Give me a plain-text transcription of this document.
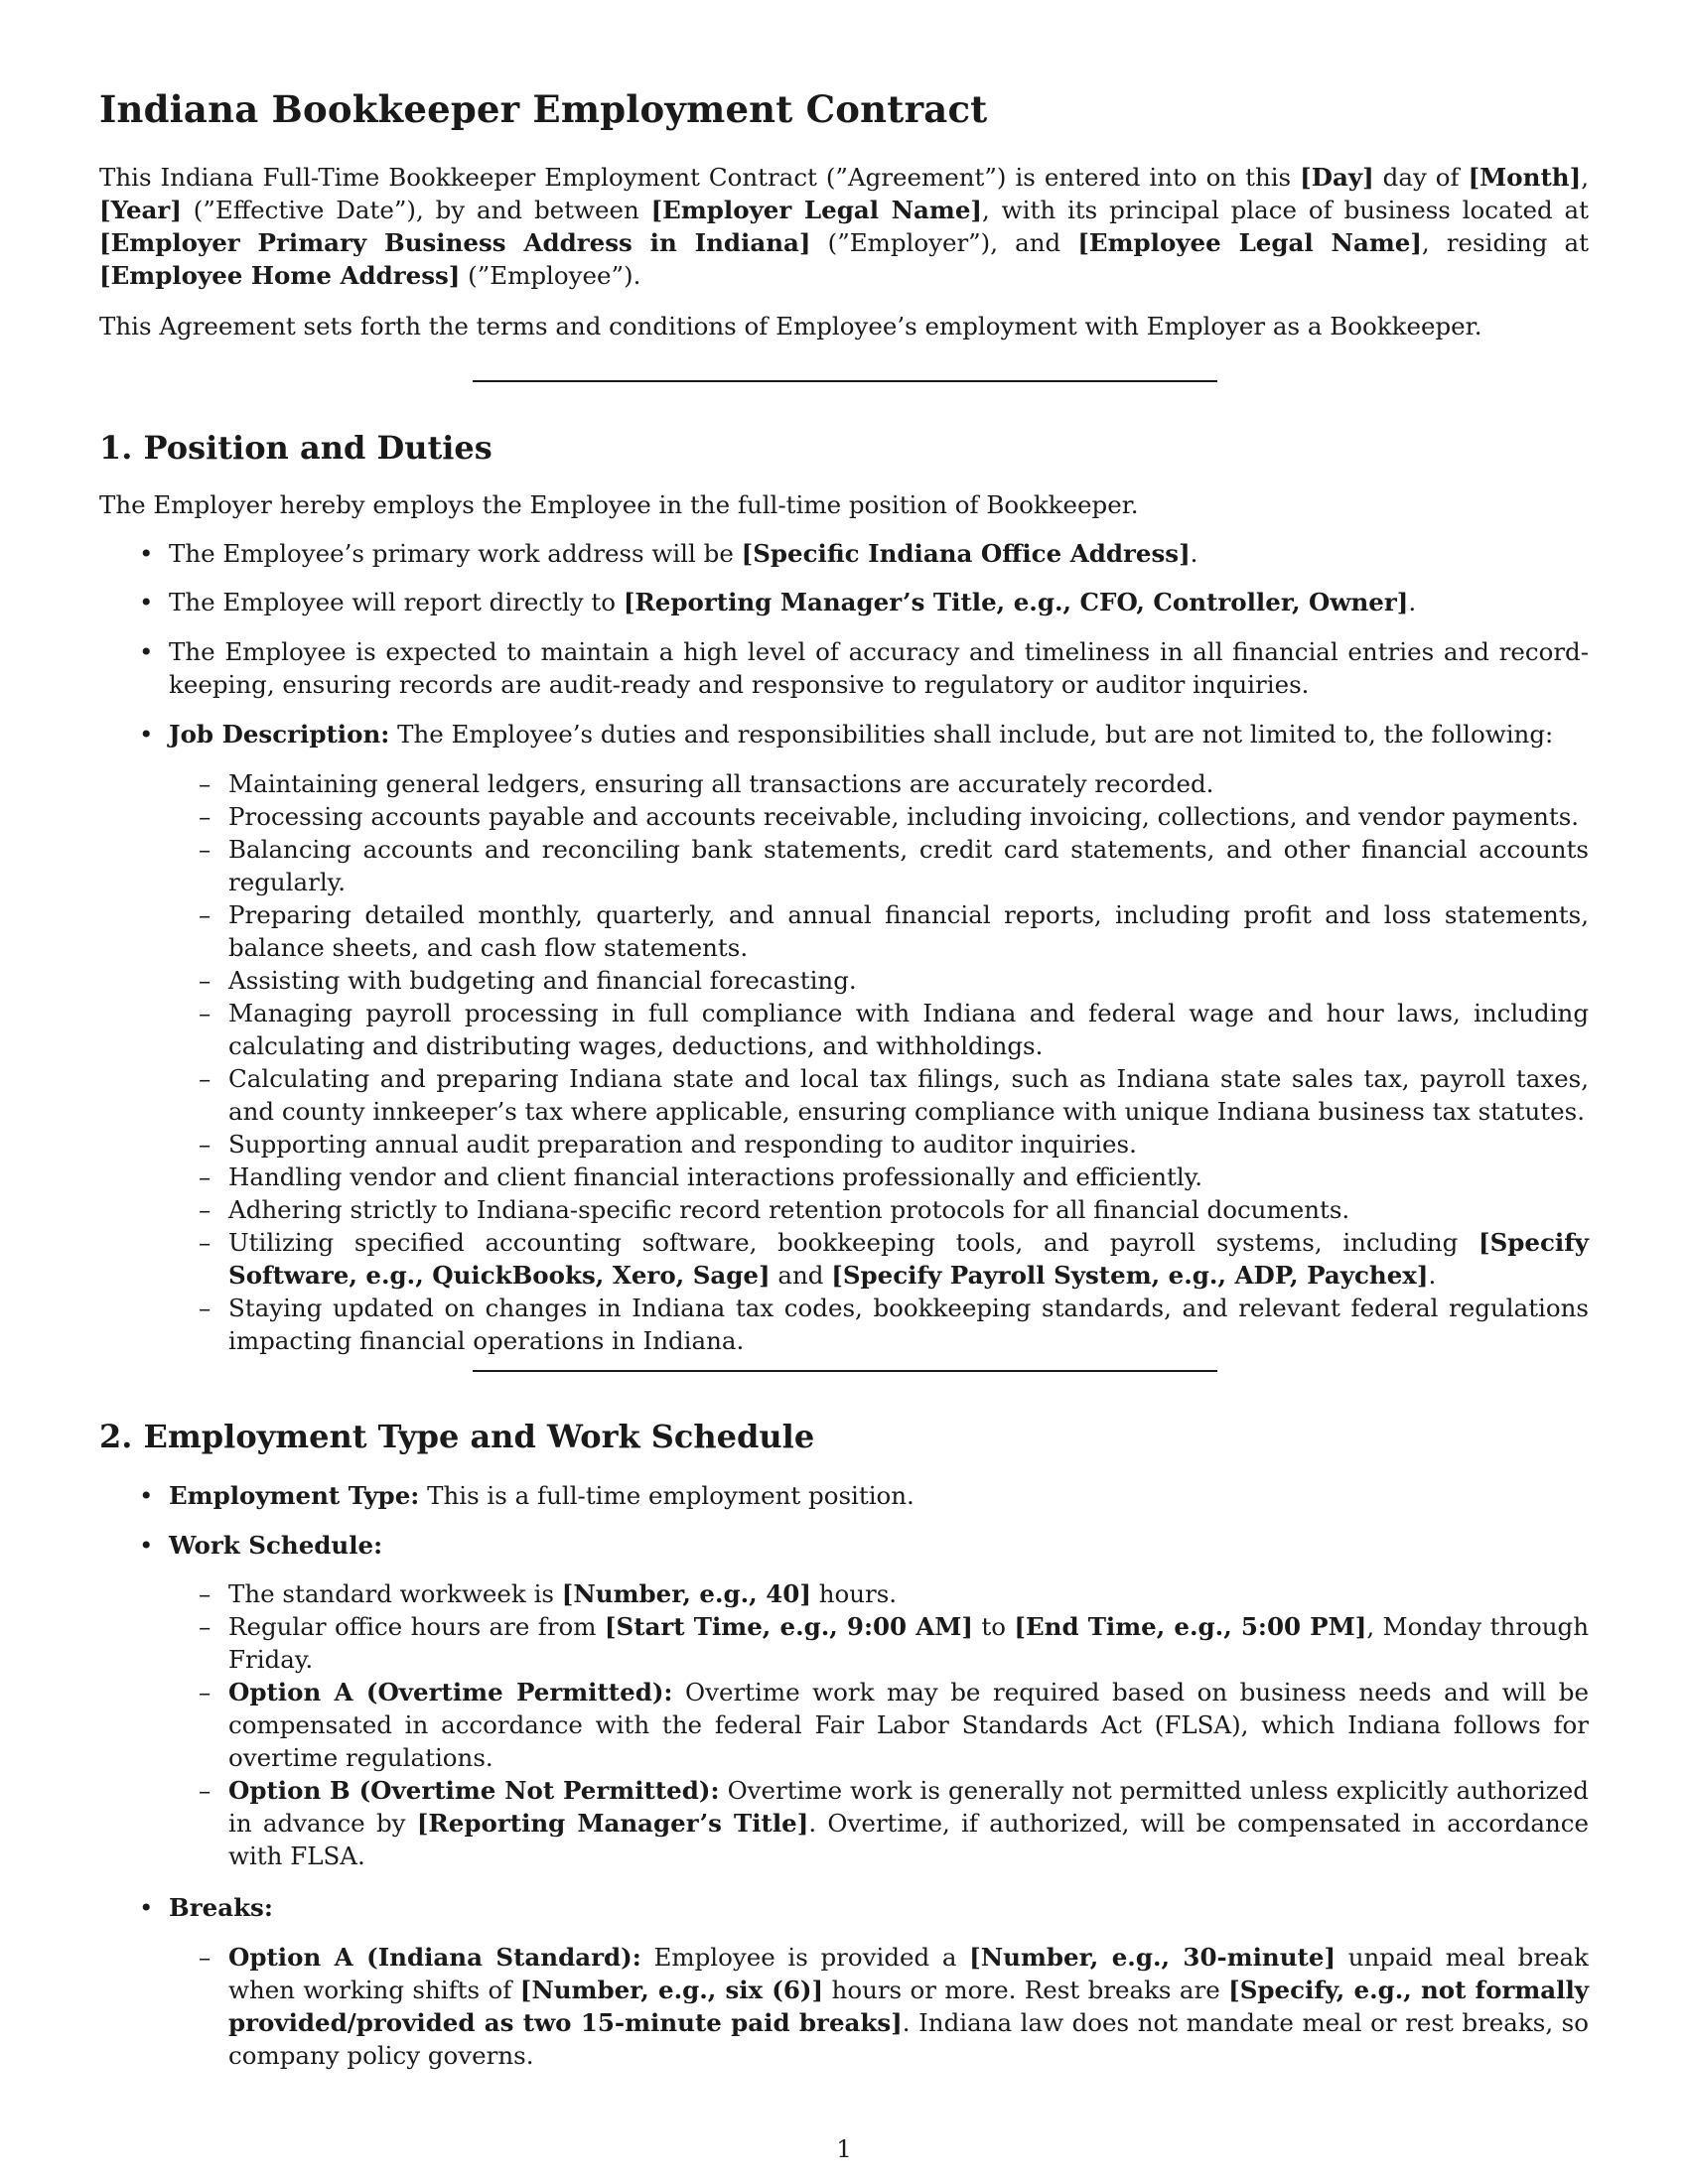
Indiana Bookkeeper Employment Contract

This Indiana Full-Time Bookkeeper Employment Contract (”Agreement”) is entered into on this [Day] day of [Month], [Year] (”Effective Date”), by and between [Employer Legal Name], with its principal place of business located at [Employer Primary Business Address in Indiana] (”Employer”), and [Employee Legal Name], residing at [Employee Home Address] (”Employee”).

This Agreement sets forth the terms and conditions of Employee’s employment with Employer as a Bookkeeper.

1. Position and Duties

The Employer hereby employs the Employee in the full-time position of Bookkeeper.

• The Employee’s primary work address will be [Specific Indiana Office Address].
• The Employee will report directly to [Reporting Manager’s Title, e.g., CFO, Controller, Owner].
• The Employee is expected to maintain a high level of accuracy and timeliness in all financial entries and record-keeping, ensuring records are audit-ready and responsive to regulatory or auditor inquiries.
• Job Description: The Employee’s duties and responsibilities shall include, but are not limited to, the following:
– Maintaining general ledgers, ensuring all transactions are accurately recorded.
– Processing accounts payable and accounts receivable, including invoicing, collections, and vendor payments.
– Balancing accounts and reconciling bank statements, credit card statements, and other financial accounts regularly.
– Preparing detailed monthly, quarterly, and annual financial reports, including profit and loss statements, balance sheets, and cash flow statements.
– Assisting with budgeting and financial forecasting.
– Managing payroll processing in full compliance with Indiana and federal wage and hour laws, including calculating and distributing wages, deductions, and withholdings.
– Calculating and preparing Indiana state and local tax filings, such as Indiana state sales tax, payroll taxes, and county innkeeper’s tax where applicable, ensuring compliance with unique Indiana business tax statutes.
– Supporting annual audit preparation and responding to auditor inquiries.
– Handling vendor and client financial interactions professionally and efficiently.
– Adhering strictly to Indiana-specific record retention protocols for all financial documents.
– Utilizing specified accounting software, bookkeeping tools, and payroll systems, including [Specify Software, e.g., QuickBooks, Xero, Sage] and [Specify Payroll System, e.g., ADP, Paychex].
– Staying updated on changes in Indiana tax codes, bookkeeping standards, and relevant federal regulations impacting financial operations in Indiana.
2. Employment Type and Work Schedule
• Employment Type: This is a full-time employment position.
• Work Schedule:
– The standard workweek is [Number, e.g., 40] hours.
– Regular office hours are from [Start Time, e.g., 9:00 AM] to [End Time, e.g., 5:00 PM], Monday through Friday.
– Option A (Overtime Permitted): Overtime work may be required based on business needs and will be compensated in accordance with the federal Fair Labor Standards Act (FLSA), which Indiana follows for overtime regulations.
– Option B (Overtime Not Permitted): Overtime work is generally not permitted unless explicitly authorized in advance by [Reporting Manager’s Title]. Overtime, if authorized, will be compensated in accordance with FLSA.
• Breaks:
– Option A (Indiana Standard): Employee is provided a [Number, e.g., 30-minute] unpaid meal break when working shifts of [Number, e.g., six (6)] hours or more. Rest breaks are [Specify, e.g., not formally provided/provided as two 15-minute paid breaks]. Indiana law does not mandate meal or rest breaks, so company policy governs.
1
